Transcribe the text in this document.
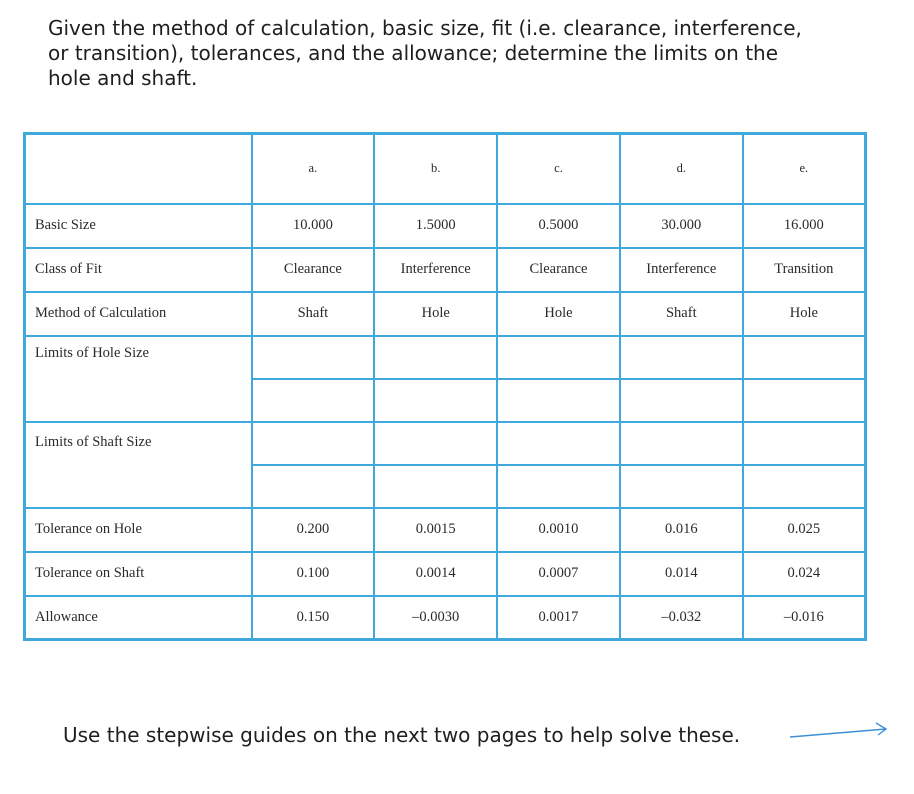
Given the method of calculation, basic size, fit (i.e. clearance, interference, or transition), tolerances, and the allowance; determine the limits on the hole and shaft.

	a.	b.	c.	d.	e.
Basic Size	10.000	1.5000	0.5000	30.000	16.000
Class of Fit	Clearance	Interference	Clearance	Interference	Transition
Method of Calculation	Shaft	Hole	Hole	Shaft	Hole
Limits of Hole Size					

Limits of Shaft Size					

Tolerance on Hole	0.200	0.0015	0.0010	0.016	0.025
Tolerance on Shaft	0.100	0.0014	0.0007	0.014	0.024
Allowance	0.150	–0.0030	0.0017	–0.032	–0.016

Use the stepwise guides on the next two pages to help solve these.
